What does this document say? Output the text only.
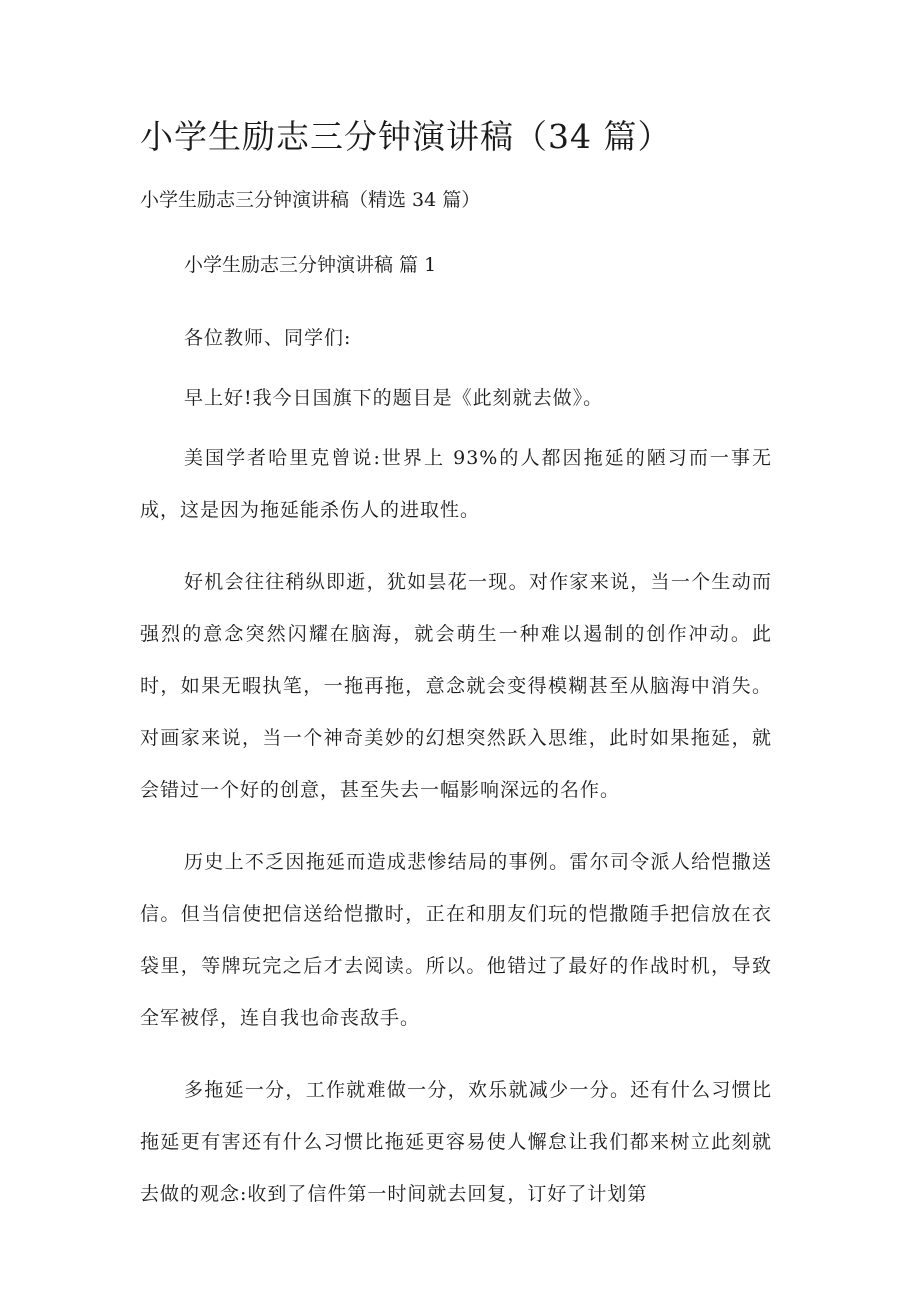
小学生励志三分钟演讲稿（34 篇）

小学生励志三分钟演讲稿（精选 34 篇）

小学生励志三分钟演讲稿 篇 1

各位教师、同学们:

早上好!我今日国旗下的题目是《此刻就去做》。

美国学者哈里克曾说:世界上 93%的人都因拖延的陋习而一事无成，这是因为拖延能杀伤人的进取性。

好机会往往稍纵即逝，犹如昙花一现。对作家来说，当一个生动而强烈的意念突然闪耀在脑海，就会萌生一种难以遏制的创作冲动。此时，如果无暇执笔，一拖再拖，意念就会变得模糊甚至从脑海中消失。对画家来说，当一个神奇美妙的幻想突然跃入思维，此时如果拖延，就会错过一个好的创意，甚至失去一幅影响深远的名作。

历史上不乏因拖延而造成悲惨结局的事例。雷尔司令派人给恺撒送信。但当信使把信送给恺撒时，正在和朋友们玩的恺撒随手把信放在衣袋里，等牌玩完之后才去阅读。所以。他错过了最好的作战时机，导致全军被俘，连自我也命丧敌手。

多拖延一分，工作就难做一分，欢乐就减少一分。还有什么习惯比拖延更有害还有什么习惯比拖延更容易使人懈怠让我们都来树立此刻就去做的观念:收到了信件第一时间就去回复，订好了计划第
